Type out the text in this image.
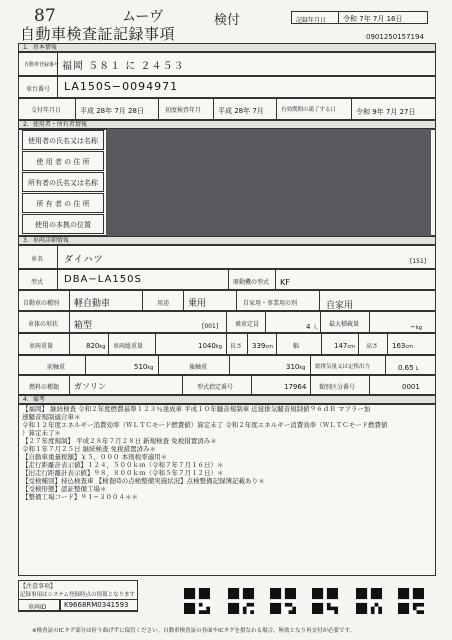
87	ムーヴ	検付	記録年月日 令和 7年 7月 16日
自動車検査証記録事項	0901250157194
1．基本情報
自動車登録番号 福岡 ５８１ に ２４５３
車台番号 LA150S−0094971
交付年月日	平成 28年 7月 28日	初度検査年月 平成 28年 7月	有効期間の満了する日	令和 9年 7月 27日
2．使用者・所有者情報
使用者の氏名又は名称
使 用 者 の 住 所
所有者の氏名又は名称
所 有 者 の 住 所
使用の本拠の位置
3．車両詳細情報
車名 ダイハツ	[151]
型式 DBA−LA150S	原動機の型式 KF
自動車の種別 軽自動車	用途 乗用	自家用・事業用の別	自家用
車体の形状 箱型	[001]	乗車定員	4 人 最大積載量	−kg
車両重量	820kg 車両総重量	1040kg 長さ 339cm	幅	147cm 高さ 163cm
前軸重	510kg	後軸重	310kg 総排気量又は定格出力	0.65 L
燃料の種類 ガソリン	型式指定番号	17964 類別区分番号	0001
4．備考
【福岡】 継続検査 令和２年度燃費基準１２３％達成車 平成１０年騒音規制車 近接排気騒音規制値９６ｄＢ マフラー加
速騒音規制適合車＊
令和１２年度エネルギー消費効率（ＷＬＴＣモード燃費値）算定未了 令和２年度エネルギー消費効率（ＷＬＴＣモード燃費値
）算定未了＊
【２７年度規制】 平成２８年７月２８日 新規検査 免税措置済み＊
令和１年７月２５日 継続検査 免税措置済み＊
【自動車重量税額】￥５，０００ 本則税率適用＊
【走行距離計表示値】１２４，５００ｋｍ（令和７年７月１６日）＊
【旧走行距離計表示値】９８，８００ｋｍ（令和５年７月１２日）＊
【受検種別】持込検査車 【検査時の点検整備実施状況】点検整備記録簿記載あり＊
【受検形態】認証整備工場＊
【整備工場コード】９１−３００４＊＊
【注意事項】
記録事項はシステム登録時点の情報となります
車両ID	K9668RM0341593
※検査証のICタグ部分は折り曲げずに保管ください。自動車検査証の券面やICタグを損なわる場合、無効となり再交付が必要です。
